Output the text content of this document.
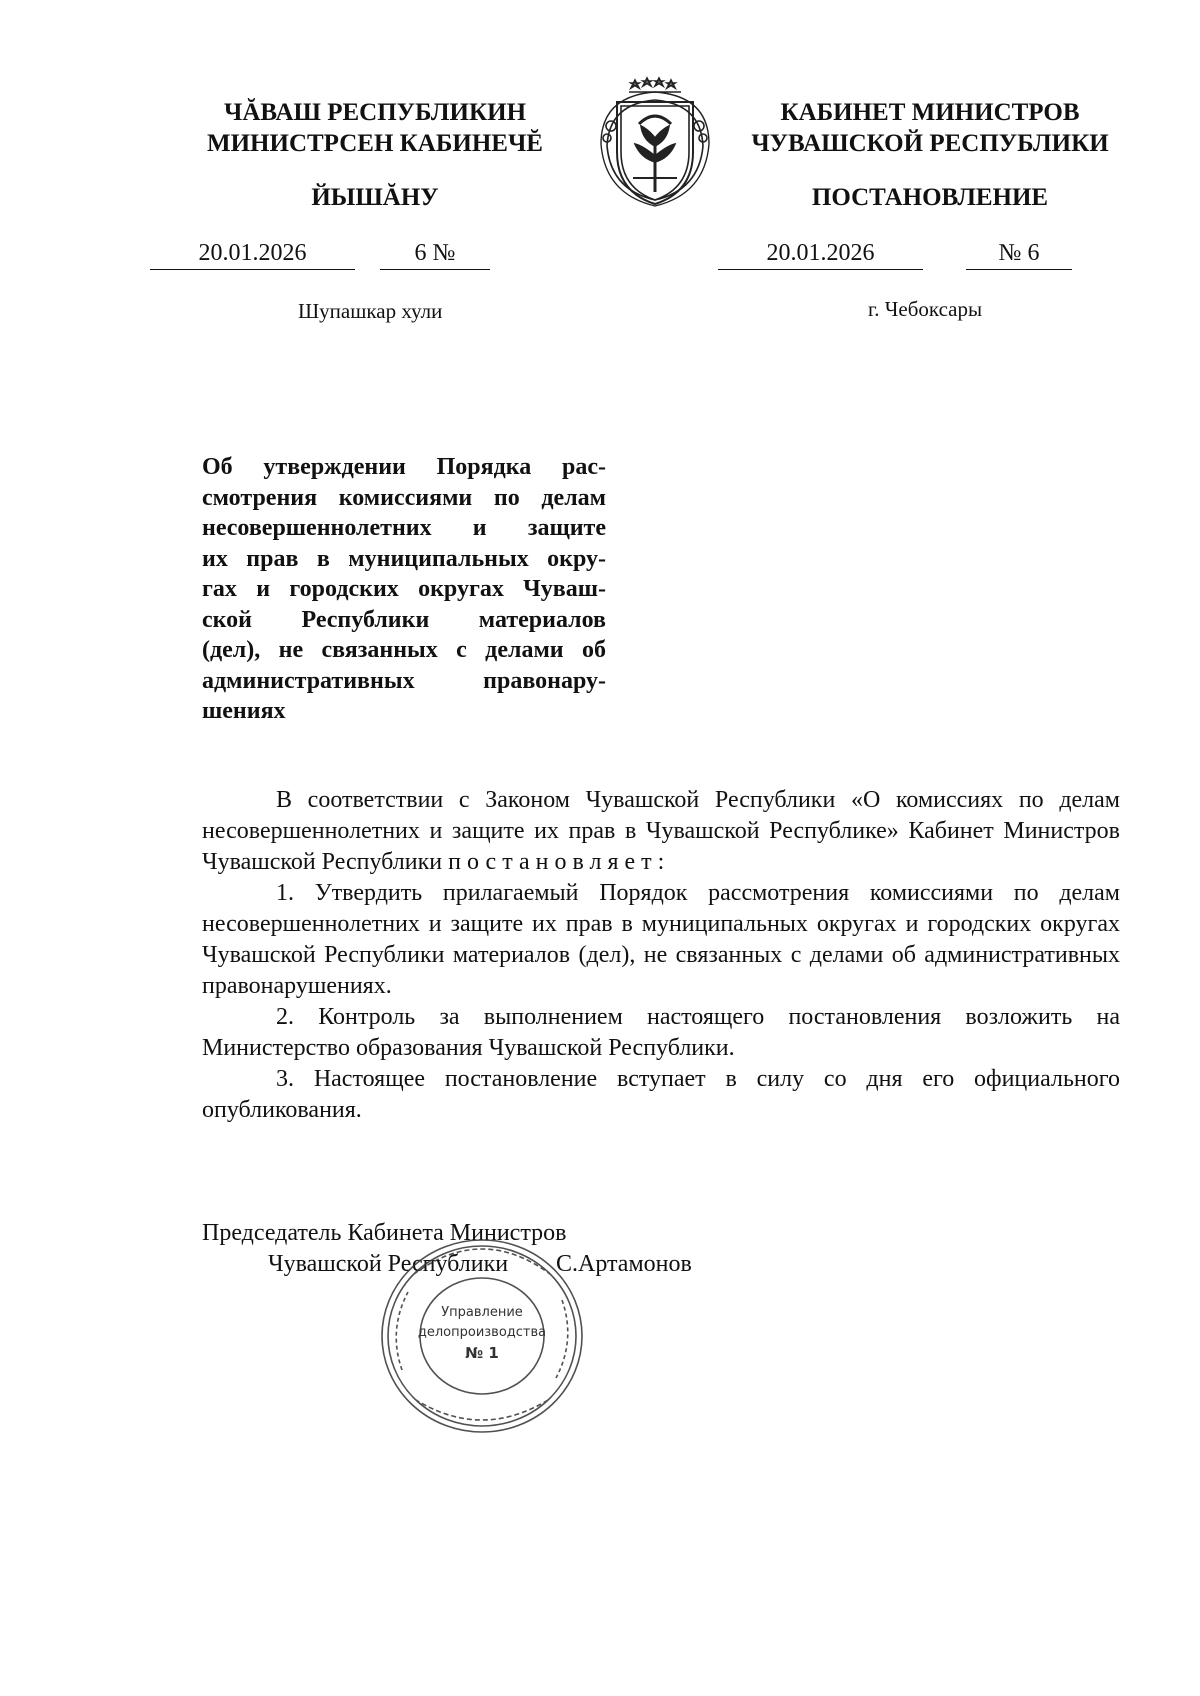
ЧĂВАШ РЕСПУБЛИКИН
МИНИСТРСЕН КАБИНЕЧĔ
ЙЫШĂНУ
КАБИНЕТ МИНИСТРОВ
ЧУВАШСКОЙ РЕСПУБЛИКИ
ПОСТАНОВЛЕНИЕ
20.01.2026	6 №	20.01.2026	№ 6
Шупашкар хули	г. Чебоксары
Об утверждении Порядка рас-
смотрения комиссиями по делам
несовершеннолетних и защите
их прав в муниципальных окру-
гах и городских округах Чуваш-
ской Республики материалов
(дел), не связанных с делами об
административных правонару-
шениях

В соответствии с Законом Чувашской Республики «О комиссиях по делам несовершеннолетних и защите их прав в Чувашской Республике» Кабинет Министров Чувашской Республики постановляет:

1. Утвердить прилагаемый Порядок рассмотрения комиссиями по делам несовершеннолетних и защите их прав в муниципальных округах и городских округах Чувашской Республики материалов (дел), не связанных с делами об административных правонарушениях.

2. Контроль за выполнением настоящего постановления возложить на Министерство образования Чувашской Республики.

3. Настоящее постановление вступает в силу со дня его официального опубликования.

Председатель Кабинета Министров
Чувашской Республики С.Артамонов
Управление
делопроизводства
№ 1
